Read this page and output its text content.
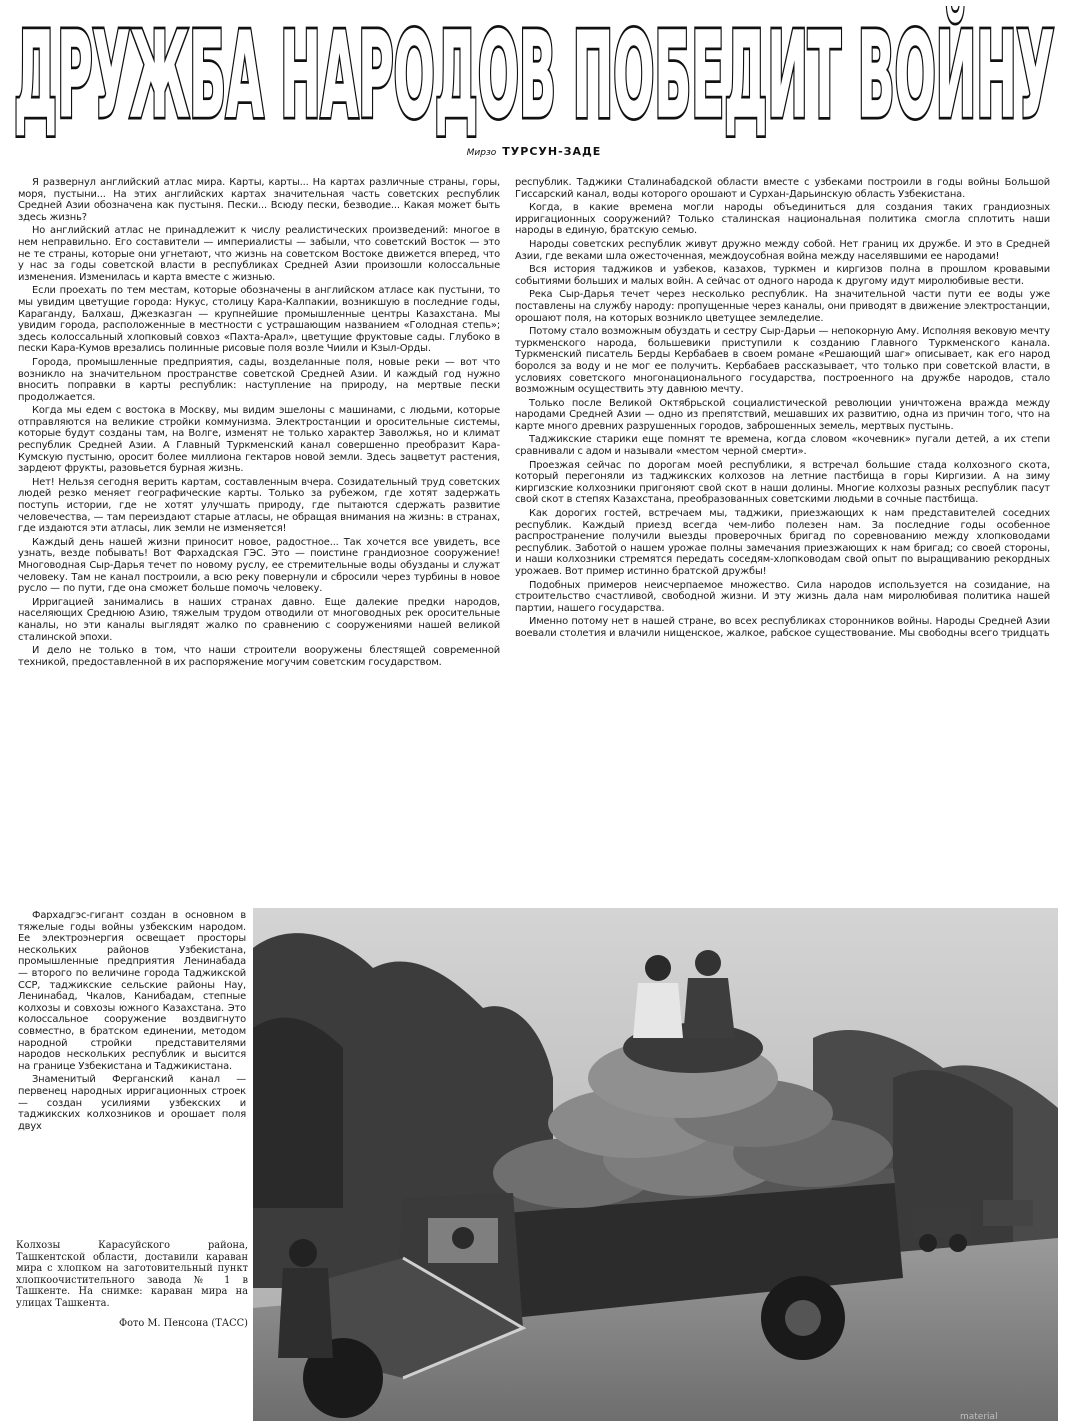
ДРУЖБА НАРОДОВ ПОБЕДИТ ВОЙНУ
ДРУЖБА НАРОДОВ ПОБЕДИТ ВОЙНУ
Мирзо ТУРСУН-ЗАДЕ

Я развернул английский атлас мира. Карты, карты... На картах различные страны, горы, моря, пустыни... На этих английских картах значительная часть советских республик Средней Азии обозначена как пустыня. Пески... Всюду пески, безводие... Какая может быть здесь жизнь?

Но английский атлас не принадлежит к числу реалистических произведений: многое в нем неправильно. Его составители — империалисты — забыли, что советский Восток — это не те страны, которые они угнетают, что жизнь на советском Востоке движется вперед, что у нас за годы советской власти в республиках Средней Азии произошли колоссальные изменения. Изменилась и карта вместе с жизнью.

Если проехать по тем местам, которые обозначены в английском атласе как пустыни, то мы увидим цветущие города: Нукус, столицу Кара-Калпакии, возникшую в последние годы, Караганду, Балхаш, Джезказган — крупнейшие промышленные центры Казахстана. Мы увидим города, расположенные в местности с устрашающим названием «Голодная степь»; здесь колоссальный хлопковый совхоз «Пахта-Арал», цветущие фруктовые сады. Глубоко в пески Кара-Кумов врезались полинные рисовые поля возле Чиили и Кзыл-Орды.

Города, промышленные предприятия, сады, возделанные поля, новые реки — вот что возникло на значительном пространстве советской Средней Азии. И каждый год нужно вносить поправки в карты республик: наступление на природу, на мертвые пески продолжается.

Когда мы едем с востока в Москву, мы видим эшелоны с машинами, с людьми, которые отправляются на великие стройки коммунизма. Электростанции и оросительные системы, которые будут созданы там, на Волге, изменят не только характер Заволжья, но и климат республик Средней Азии. А Главный Туркменский канал совершенно преобразит Кара-Кумскую пустыню, оросит более миллиона гектаров новой земли. Здесь зацветут растения, зардеют фрукты, разовьется бурная жизнь.

Нет! Нельзя сегодня верить картам, составленным вчера. Созидательный труд советских людей резко меняет географические карты. Только за рубежом, где хотят задержать поступь истории, где не хотят улучшать природу, где пытаются сдержать развитие человечества, — там переиздают старые атласы, не обращая внимания на жизнь: в странах, где издаются эти атласы, лик земли не изменяется!

Каждый день нашей жизни приносит новое, радостное... Так хочется все увидеть, все узнать, везде побывать! Вот Фархадская ГЭС. Это — поистине грандиозное сооружение! Многоводная Сыр-Дарья течет по новому руслу, ее стремительные воды обузданы и служат человеку. Там не канал построили, а всю реку повернули и сбросили через турбины в новое русло — по пути, где она сможет больше помочь человеку.

Ирригацией занимались в наших странах давно. Еще далекие предки народов, населяющих Среднюю Азию, тяжелым трудом отводили от многоводных рек оросительные каналы, но эти каналы выглядят жалко по сравнению с сооружениями нашей великой сталинской эпохи.

И дело не только в том, что наши строители вооружены блестящей современной техникой, предоставленной в их распоряжение могучим советским государством.

республик. Таджики Сталинабадской области вместе с узбеками построили в годы войны Большой Гиссарский канал, воды которого орошают и Сурхан-Дарьинскую область Узбекистана.

Когда, в какие времена могли народы объединиться для создания таких грандиозных ирригационных сооружений? Только сталинская национальная политика смогла сплотить наши народы в единую, братскую семью.

Народы советских республик живут дружно между собой. Нет границ их дружбе. И это в Средней Азии, где веками шла ожесточенная, междоусобная война между населявшими ее народами!

Вся история таджиков и узбеков, казахов, туркмен и киргизов полна в прошлом кровавыми событиями больших и малых войн. А сейчас от одного народа к другому идут миролюбивые вести.

Река Сыр-Дарья течет через несколько республик. На значительной части пути ее воды уже поставлены на службу народу: пропущенные через каналы, они приводят в движение электростанции, орошают поля, на которых возникло цветущее земледелие.

Потому стало возможным обуздать и сестру Сыр-Дарьи — непокорную Аму. Исполняя вековую мечту туркменского народа, большевики приступили к созданию Главного Туркменского канала. Туркменский писатель Берды Кербабаев в своем романе «Решающий шаг» описывает, как его народ боролся за воду и не мог ее получить. Кербабаев рассказывает, что только при советской власти, в условиях советского многонационального государства, построенного на дружбе народов, стало возможным осуществить эту давнюю мечту.

Только после Великой Октябрьской социалистической революции уничтожена вражда между народами Средней Азии — одно из препятствий, мешавших их развитию, одна из причин того, что на карте много древних разрушенных городов, заброшенных земель, мертвых пустынь.

Таджикские старики еще помнят те времена, когда словом «кочевник» пугали детей, а их степи сравнивали с адом и называли «местом черной смерти».

Проезжая сейчас по дорогам моей республики, я встречал большие стада колхозного скота, который перегоняли из таджикских колхозов на летние пастбища в горы Киргизии. А на зиму киргизские колхозники пригоняют свой скот в наши долины. Многие колхозы разных республик пасут свой скот в степях Казахстана, преобразованных советскими людьми в сочные пастбища.

Как дорогих гостей, встречаем мы, таджики, приезжающих к нам представителей соседних республик. Каждый приезд всегда чем-либо полезен нам. За последние годы особенное распространение получили выезды проверочных бригад по соревнованию между хлопководами республик. Заботой о нашем урожае полны замечания приезжающих к нам бригад; со своей стороны, и наши колхозники стремятся передать соседям-хлопководам свой опыт по выращиванию рекордных урожаев. Вот пример истинно братской дружбы!

Подобных примеров неисчерпаемое множество. Сила народов используется на созидание, на строительство счастливой, свободной жизни. И эту жизнь дала нам миролюбивая политика нашей партии, нашего государства.

Именно потому нет в нашей стране, во всех республиках сторонников войны. Народы Средней Азии воевали столетия и влачили нищенское, жалкое, рабское существование. Мы свободны всего тридцать

Фархадгэс-гигант создан в основном в тяжелые годы войны узбекским народом. Ее электроэнергия освещает просторы нескольких районов Узбекистана, промышленные предприятия Ленинабада — второго по величине города Таджикской ССР, таджикские сельские районы Нау, Ленинабад, Чкалов, Канибадам, степные колхозы и совхозы южного Казахстана. Это колоссальное сооружение воздвигнуто совместно, в братском единении, методом народной стройки представителями народов нескольких республик и высится на границе Узбекистана и Таджикистана.

Знаменитый Ферганский канал — первенец народных ирригационных строек — создан усилиями узбекских и таджикских колхозников и орошает поля двух

Колхозы Карасуйского района, Ташкентской области, доставили караван мира с хлопком на заготовительный пункт хлопкоочистительного завода № 1 в Ташкенте. На снимке: караван мира на улицах Ташкента.
Фото М. Пенсона (ТАСС)
material
